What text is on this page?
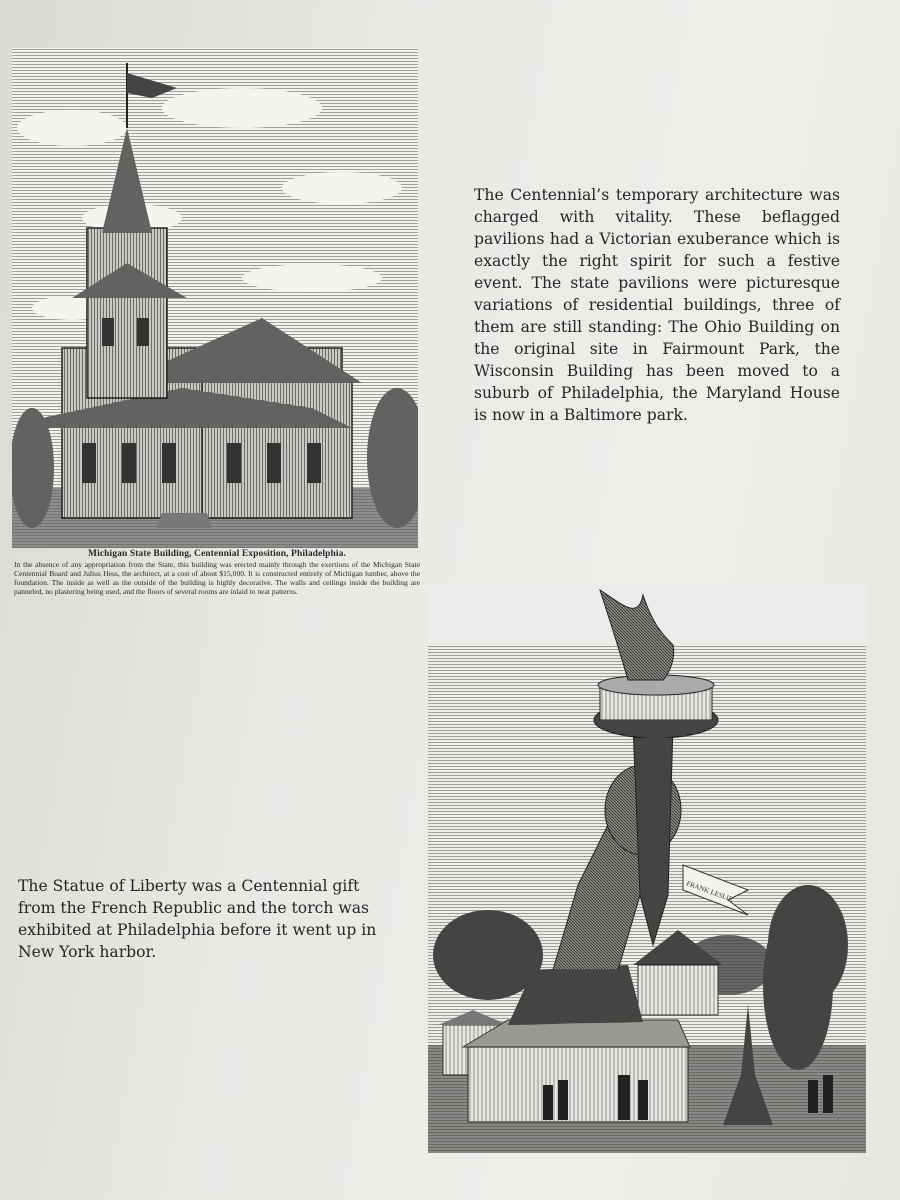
Michigan State Building, Centennial Exposition, Philadelphia.
In the absence of any appropriation from the State, this building was erected mainly through the exertions of the Michigan State Centennial Board and Julius Hess, the architect, at a cost of about $15,000. It is constructed entirely of Michigan lumber, above the foundation. The inside as well as the outside of the building is highly decorative. The walls and ceilings inside the building are panneled, no plastering being used, and the floors of several rooms are inlaid to neat patterns.
The Centennial’s temporary architecture was charged with vitality. These beflagged pavilions had a Victorian exuberance which is exactly the right spirit for such a festive event. The state pavilions were picturesque variations of residential buildings, three of them are still standing: The Ohio Building on the original site in Fairmount Park, the Wisconsin Building has been moved to a suburb of Philadelphia, the Maryland House is now in a Baltimore park.
The Statue of Liberty was a Centennial gift from the French Republic and the torch was exhibited at Philadelphia before it went up in New York harbor.
FRANK LESLIE
